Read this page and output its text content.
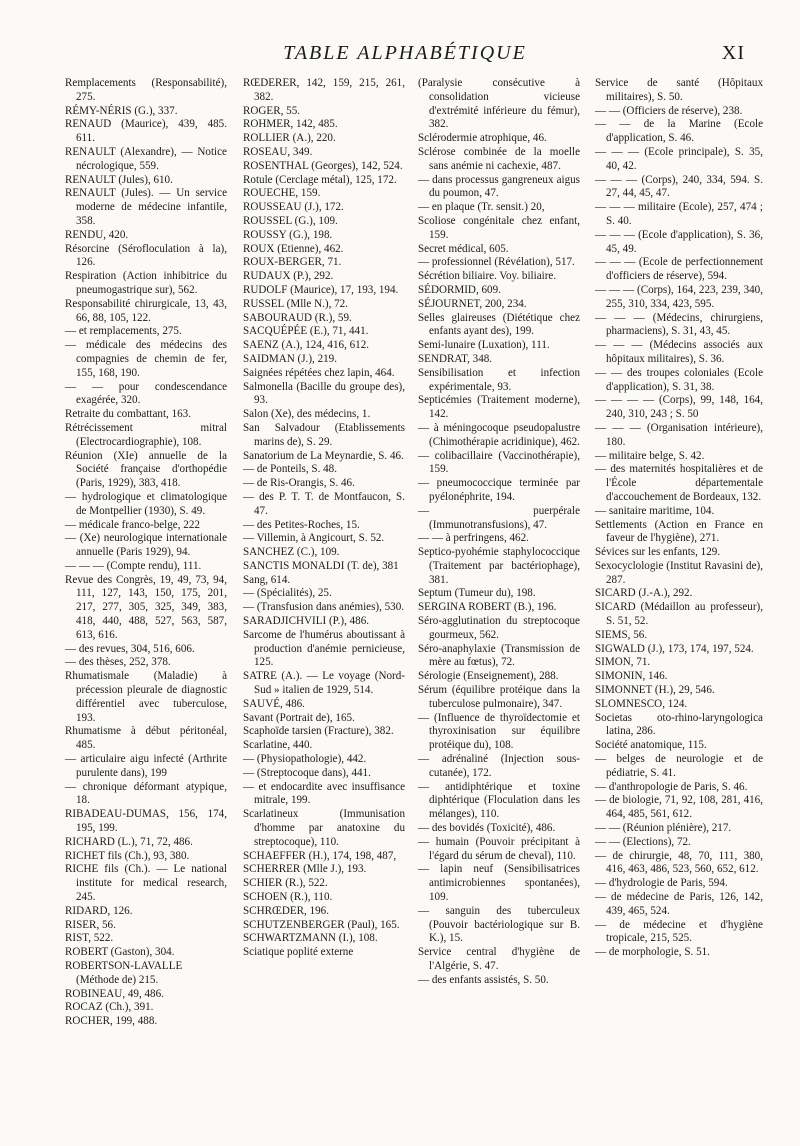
TABLE ALPHABÉTIQUE	XI

Remplacements (Responsabilité), 275.

RÉMY-NÉRIS (G.), 337.

RENAUD (Maurice), 439, 485. 611.

RENAULT (Alexandre), — Notice nécrologique, 559.

RENAULT (Jules), 610.

RENAULT (Jules). — Un service moderne de médecine infantile, 358.

RENDU, 420.

Résorcine (Sérofloculation à la), 126.

Respiration (Action inhibitrice du pneumogastrique sur), 562.

Responsabilité chirurgicale, 13, 43, 66, 88, 105, 122.

— et remplacements, 275.

— médicale des médecins des compagnies de chemin de fer, 155, 168, 190.

— — pour condescendance exagérée, 320.

Retraite du combattant, 163.

Rétrécissement mitral (Electrocardiographie), 108.

Réunion (XIe) annuelle de la Société française d'orthopédie (Paris, 1929), 383, 418.

— hydrologique et climatologique de Montpellier (1930), S. 49.

— médicale franco-belge, 222

— (Xe) neurologique internationale annuelle (Paris 1929), 94.

— — — (Compte rendu), 111.

Revue des Congrès, 19, 49, 73, 94, 111, 127, 143, 150, 175, 201, 217, 277, 305, 325, 349, 383, 418, 440, 488, 527, 563, 587, 613, 616.

— des revues, 304, 516, 606.

— des thèses, 252, 378.

Rhumatismale (Maladie) à précession pleurale de diagnostic différentiel avec tuberculose, 193.

Rhumatisme à début péritonéal, 485.

— articulaire aigu infecté (Arthrite purulente dans), 199

— chronique déformant atypique, 18.

RIBADEAU-DUMAS, 156, 174, 195, 199.

RICHARD (L.), 71, 72, 486.

RICHET fils (Ch.), 93, 380.

RICHE fils (Ch.). — Le national institute for medical research, 245.

RIDARD, 126.

RISER, 56.

RIST, 522.

ROBERT (Gaston), 304.

ROBERTSON-LAVALLE (Méthode de) 215.

ROBINEAU, 49, 486.

ROCAZ (Ch.), 391.

ROCHER, 199, 488.

RŒDERER, 142, 159, 215, 261, 382.

ROGER, 55.

ROHMER, 142, 485.

ROLLIER (A.), 220.

ROSEAU, 349.

ROSENTHAL (Georges), 142, 524.

Rotule (Cerclage métal), 125, 172.

ROUECHE, 159.

ROUSSEAU (J.), 172.

ROUSSEL (G.), 109.

ROUSSY (G.), 198.

ROUX (Etienne), 462.

ROUX-BERGER, 71.

RUDAUX (P.), 292.

RUDOLF (Maurice), 17, 193, 194.

RUSSEL (Mlle N.), 72.

SABOURAUD (R.), 59.

SACQUÉPÉE (E.), 71, 441.

SAENZ (A.), 124, 416, 612.

SAIDMAN (J.), 219.

Saignées répétées chez lapin, 464.

Salmonella (Bacille du groupe des), 93.

Salon (Xe), des médecins, 1.

San Salvadour (Etablissements marins de), S. 29.

Sanatorium de La Meynardie, S. 46.

— de Ponteils, S. 48.

— de Ris-Orangis, S. 46.

— des P. T. T. de Montfaucon, S. 47.

— des Petites-Roches, 15.

— Villemin, à Angicourt, S. 52.

SANCHEZ (C.), 109.

SANCTIS MONALDI (T. de), 381

Sang, 614.

— (Spécialités), 25.

— (Transfusion dans anémies), 530.

SARADJICHVILI (P.), 486.

Sarcome de l'humérus aboutissant à production d'anémie pernicieuse, 125.

SATRE (A.). — Le voyage (Nord-Sud » italien de 1929, 514.

SAUVÉ, 486.

Savant (Portrait de), 165.

Scaphoïde tarsien (Fracture), 382.

Scarlatine, 440.

— (Physiopathologie), 442.

— (Streptocoque dans), 441.

— et endocardite avec insuffisance mitrale, 199.

Scarlatineux (Immunisation d'homme par anatoxine du streptocoque), 110.

SCHAEFFER (H.), 174, 198, 487,

SCHERRER (Mlle J.), 193.

SCHIER (R.), 522.

SCHOEN (R.), 110.

SCHRŒDER, 196.

SCHUTZENBERGER (Paul), 165.

SCHWARTZMANN (I.), 108.

Sciatique poplité externe

(Paralysie consécutive à consolidation vicieuse d'extrémité inférieure du fémur), 382.

Sclérodermie atrophique, 46.

Sclérose combinée de la moelle sans anémie ni cachexie, 487.

— dans processus gangreneux aigus du poumon, 47.

— en plaque (Tr. sensit.) 20,

Scoliose congénitale chez enfant, 159.

Secret médical, 605.

— professionnel (Révélation), 517.

Sécrétion biliaire. Voy. biliaire.

SÉDORMID, 609.

SÉJOURNET, 200, 234.

Selles glaireuses (Diététique chez enfants ayant des), 199.

Semi-lunaire (Luxation), 111.

SENDRAT, 348.

Sensibilisation et infection expérimentale, 93.

Septicémies (Traitement moderne), 142.

— à méningocoque pseudopalustre (Chimothérapie acridinique), 462.

— colibacillaire (Vaccinothérapie), 159.

— pneumococcique terminée par pyélonéphrite, 194.

— puerpérale (Immunotransfusions), 47.

— — à perfringens, 462.

Septico-pyohémie staphylococcique (Traitement par bactériophage), 381.

Septum (Tumeur du), 198.

SERGINA ROBERT (B.), 196.

Séro-agglutination du streptocoque gourmeux, 562.

Séro-anaphylaxie (Transmission de mère au fœtus), 72.

Sérologie (Enseignement), 288.

Sérum (équilibre protéique dans la tuberculose pulmonaire), 347.

— (Influence de thyroïdectomie et thyroxinisation sur équilibre protéique du), 108.

— adrénaliné (Injection sous-cutanée), 172.

— antidiphtérique et toxine diphtérique (Floculation dans les mélanges), 110.

— des bovidés (Toxicité), 486.

— humain (Pouvoir précipitant à l'égard du sérum de cheval), 110.

— lapin neuf (Sensibilisatrices antimicrobiennes spontanées), 109.

— sanguin des tuberculeux (Pouvoir bactériologique sur B. K.), 15.

Service central d'hygiène de l'Algérie, S. 47.

— des enfants assistés, S. 50.

Service de santé (Hôpitaux militaires), S. 50.

— — (Officiers de réserve), 238.

— — de la Marine (Ecole d'application, S. 46.

— — — (Ecole principale), S. 35, 40, 42.

— — — (Corps), 240, 334, 594. S. 27, 44, 45, 47.

— — — militaire (Ecole), 257, 474 ; S. 40.

— — — (Ecole d'application), S. 36, 45, 49.

— — — (Ecole de perfectionnement d'officiers de réserve), 594.

— — — (Corps), 164, 223, 239, 340, 255, 310, 334, 423, 595.

— — — (Médecins, chirurgiens, pharmaciens), S. 31, 43, 45.

— — — (Médecins associés aux hôpitaux militaires), S. 36.

— — des troupes coloniales (Ecole d'application), S. 31, 38.

— — — — (Corps), 99, 148, 164, 240, 310, 243 ; S. 50

— — — (Organisation intérieure), 180.

— militaire belge, S. 42.

— des maternités hospitalières et de l'École départementale d'accouchement de Bordeaux, 132.

— sanitaire maritime, 104.

Settlements (Action en France en faveur de l'hygiène), 271.

Sévices sur les enfants, 129.

Sexocyclologie (Institut Ravasini de), 287.

SICARD (J.-A.), 292.

SICARD (Médaillon au professeur), S. 51, 52.

SIEMS, 56.

SIGWALD (J.), 173, 174, 197, 524.

SIMON, 71.

SIMONIN, 146.

SIMONNET (H.), 29, 546.

SLOMNESCO, 124.

Societas oto-rhino-laryngologica latina, 286.

Société anatomique, 115.

— belges de neurologie et de pédiatrie, S. 41.

— d'anthropologie de Paris, S. 46.

— de biologie, 71, 92, 108, 281, 416, 464, 485, 561, 612.

— — (Réunion plénière), 217.

— — (Elections), 72.

— de chirurgie, 48, 70, 111, 380, 416, 463, 486, 523, 560, 652, 612.

— d'hydrologie de Paris, 594.

— de médecine de Paris, 126, 142, 439, 465, 524.

— de médecine et d'hygiène tropicale, 215, 525.

— de morphologie, S. 51.
